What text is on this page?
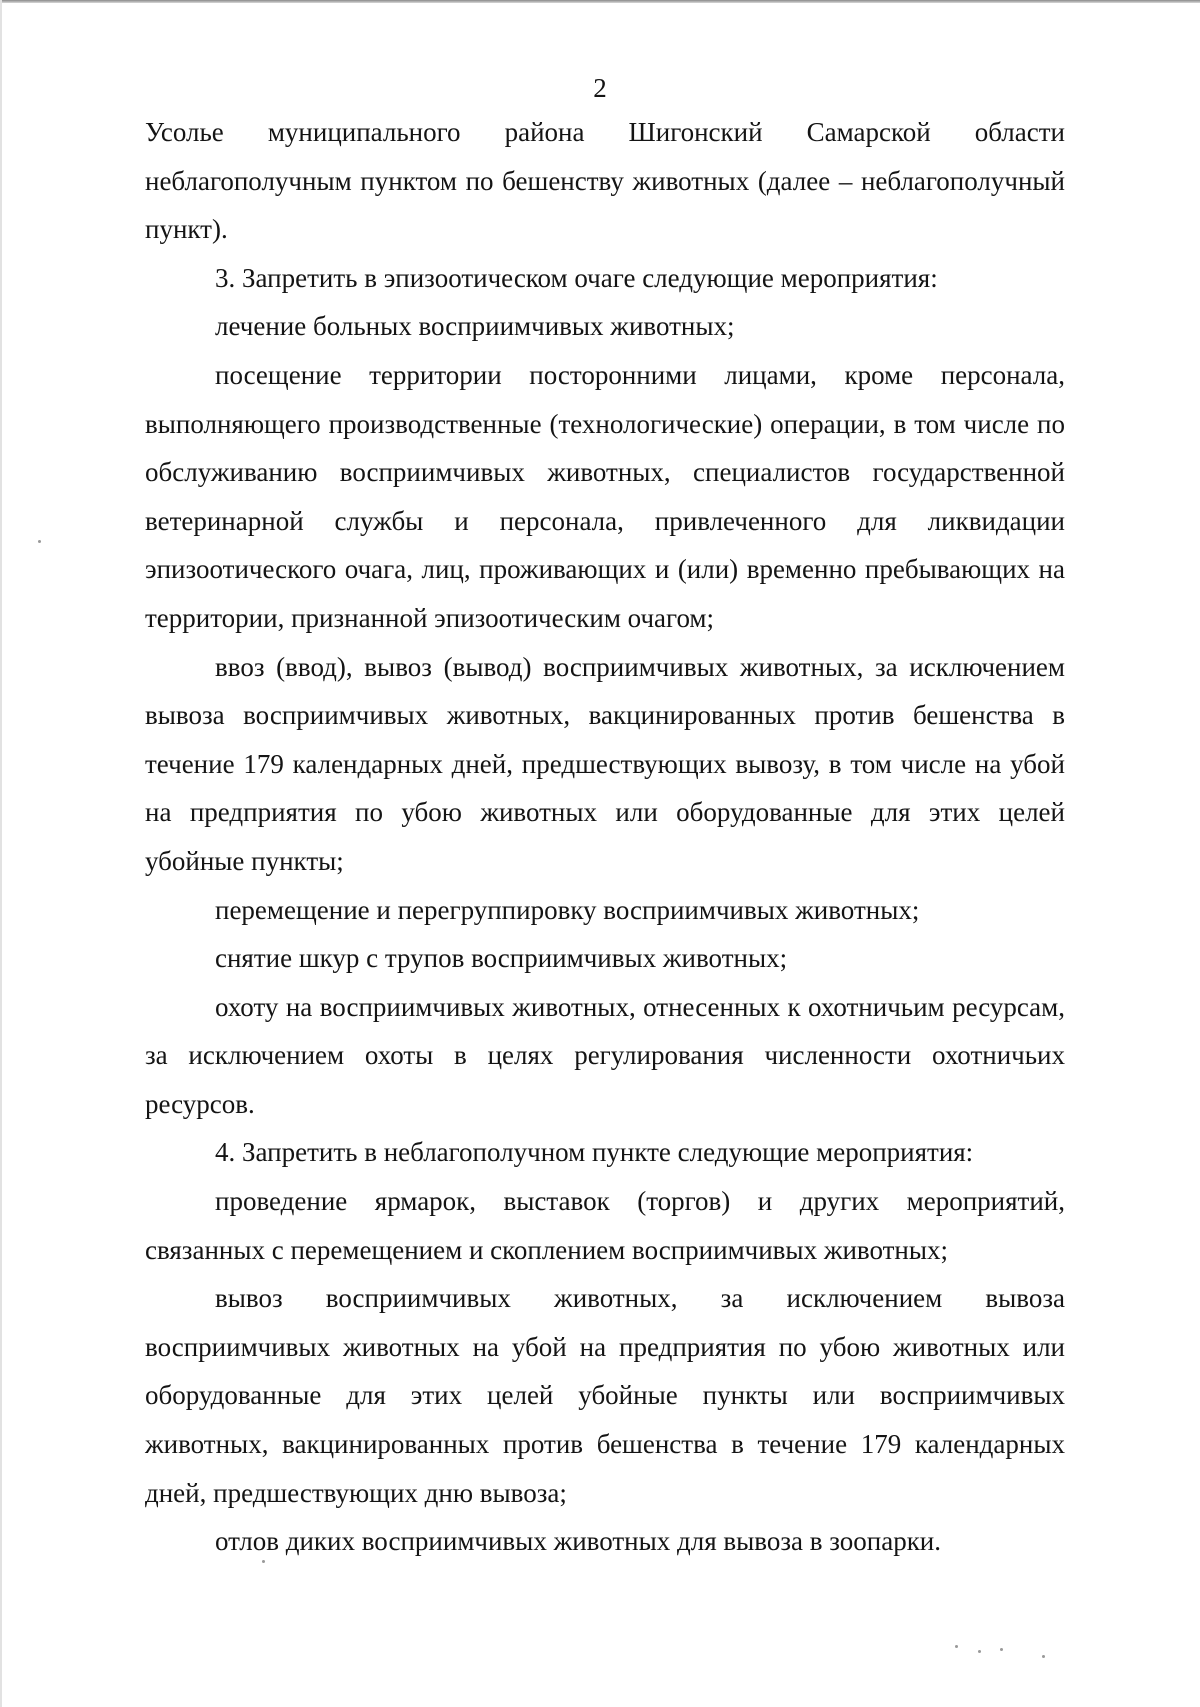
2

Усолье муниципального района Шигонский Самарской области неблагополучным пунктом по бешенству животных (далее – неблагополучный пункт).

3. Запретить в эпизоотическом очаге следующие мероприятия:

лечение больных восприимчивых животных;

посещение территории посторонними лицами, кроме персонала, выполняющего производственные (технологические) операции, в том числе по обслуживанию восприимчивых животных, специалистов государственной ветеринарной службы и персонала, привлеченного для ликвидации эпизоотического очага, лиц, проживающих и (или) временно пребывающих на территории, признанной эпизоотическим очагом;

ввоз (ввод), вывоз (вывод) восприимчивых животных, за исключением вывоза восприимчивых животных, вакцинированных против бешенства в течение 179 календарных дней, предшествующих вывозу, в том числе на убой на предприятия по убою животных или оборудованные для этих целей убойные пункты;

перемещение и перегруппировку восприимчивых животных;

снятие шкур с трупов восприимчивых животных;

охоту на восприимчивых животных, отнесенных к охотничьим ресурсам, за исключением охоты в целях регулирования численности охотничьих ресурсов.

4. Запретить в неблагополучном пункте следующие мероприятия:

проведение ярмарок, выставок (торгов) и других мероприятий, связанных с перемещением и скоплением восприимчивых животных;

вывоз восприимчивых животных, за исключением вывоза восприимчивых животных на убой на предприятия по убою животных или оборудованные для этих целей убойные пункты или восприимчивых животных, вакцинированных против бешенства в течение 179 календарных дней, предшествующих дню вывоза;

отлов диких восприимчивых животных для вывоза в зоопарки.
